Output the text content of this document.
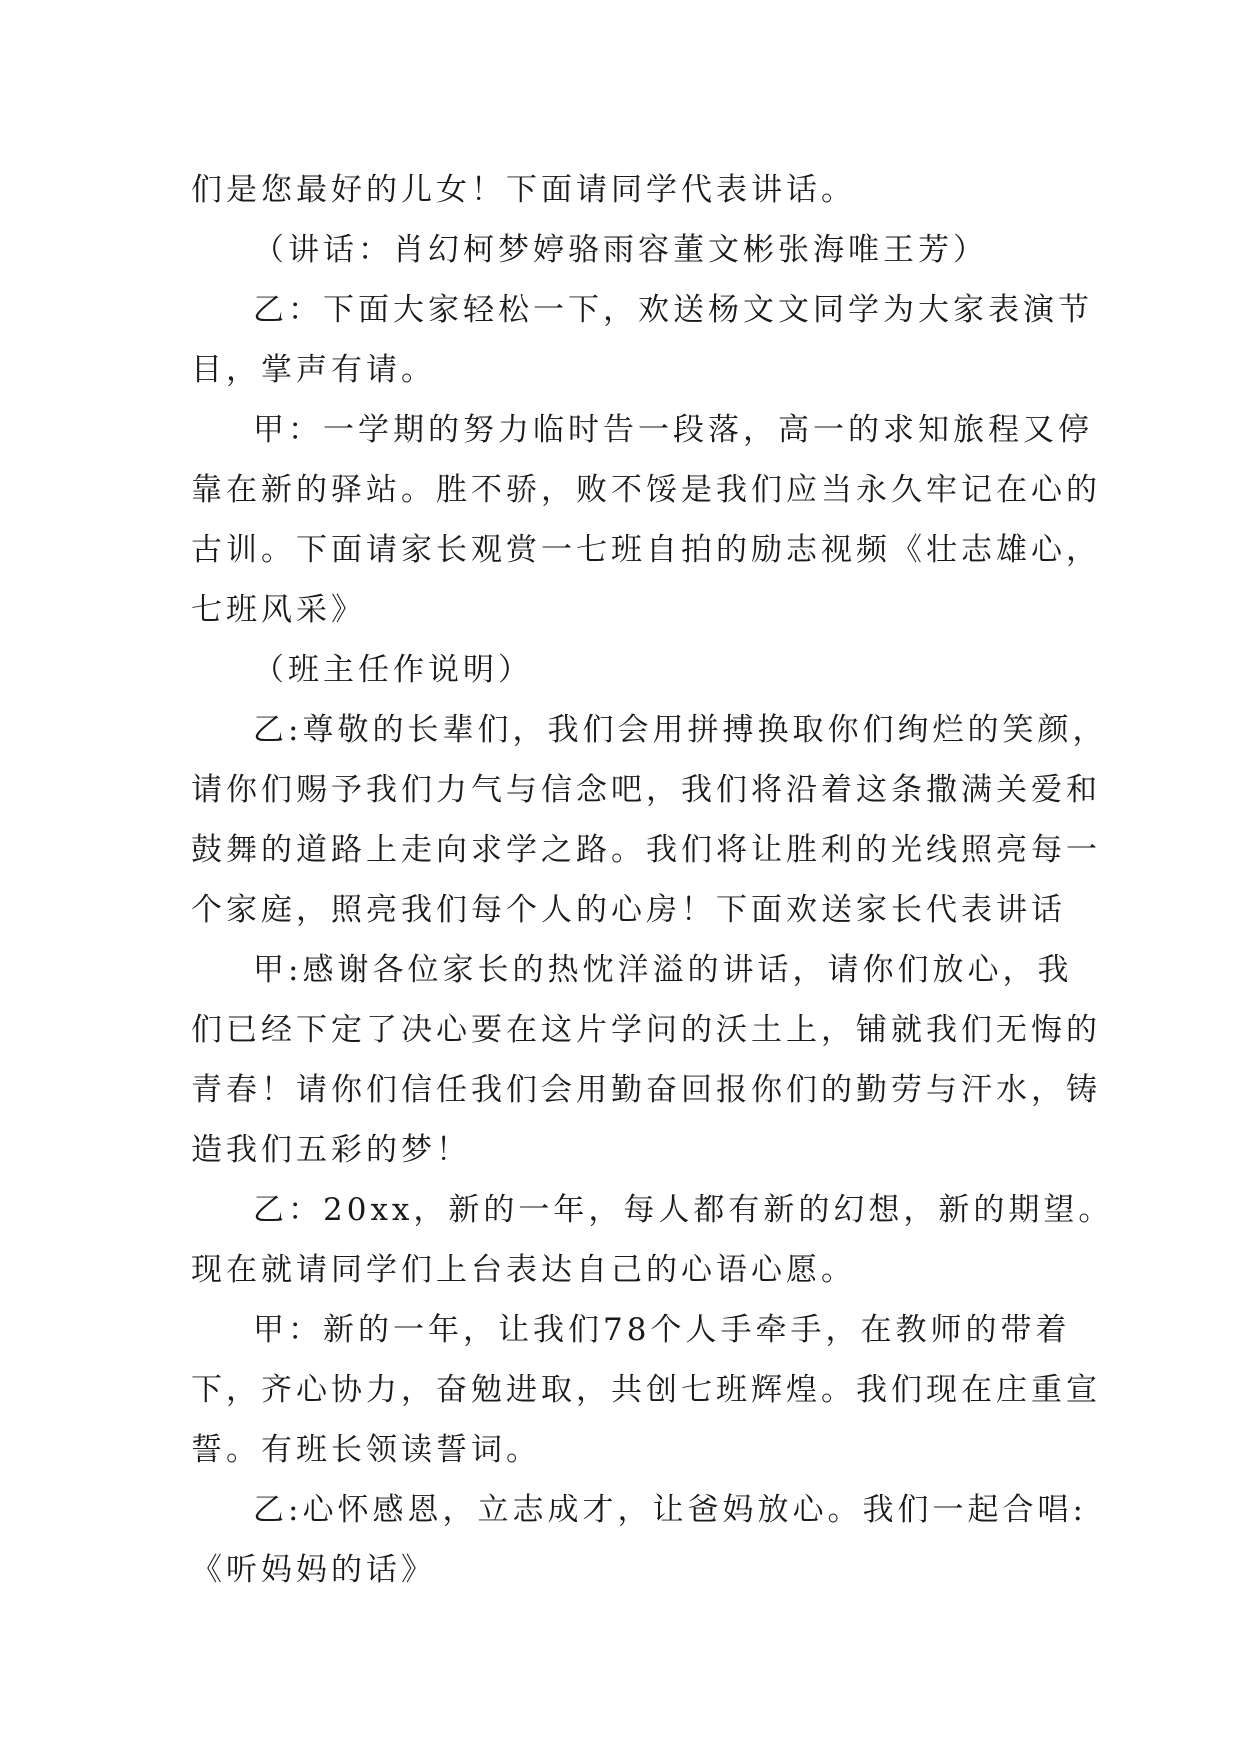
们是您最好的儿女！下面请同学代表讲话。
（讲话：肖幻柯梦婷骆雨容董文彬张海唯王芳）
乙：下面大家轻松一下，欢送杨文文同学为大家表演节
目，掌声有请。
甲：一学期的努力临时告一段落，高一的求知旅程又停
靠在新的驿站。胜不骄，败不馁是我们应当永久牢记在心的
古训。下面请家长观赏一七班自拍的励志视频《壮志雄心，
七班风采》
（班主任作说明）
乙:尊敬的长辈们，我们会用拼搏换取你们绚烂的笑颜，
请你们赐予我们力气与信念吧，我们将沿着这条撒满关爱和
鼓舞的道路上走向求学之路。我们将让胜利的光线照亮每一
个家庭，照亮我们每个人的心房！下面欢送家长代表讲话
甲:感谢各位家长的热忱洋溢的讲话，请你们放心，我
们已经下定了决心要在这片学问的沃土上，铺就我们无悔的
青春！请你们信任我们会用勤奋回报你们的勤劳与汗水，铸
造我们五彩的梦！
乙：20xx，新的一年，每人都有新的幻想，新的期望。
现在就请同学们上台表达自己的心语心愿。
甲：新的一年，让我们78个人手牵手，在教师的带着
下，齐心协力，奋勉进取，共创七班辉煌。我们现在庄重宣
誓。有班长领读誓词。
乙:心怀感恩，立志成才，让爸妈放心。我们一起合唱:
《听妈妈的话》
